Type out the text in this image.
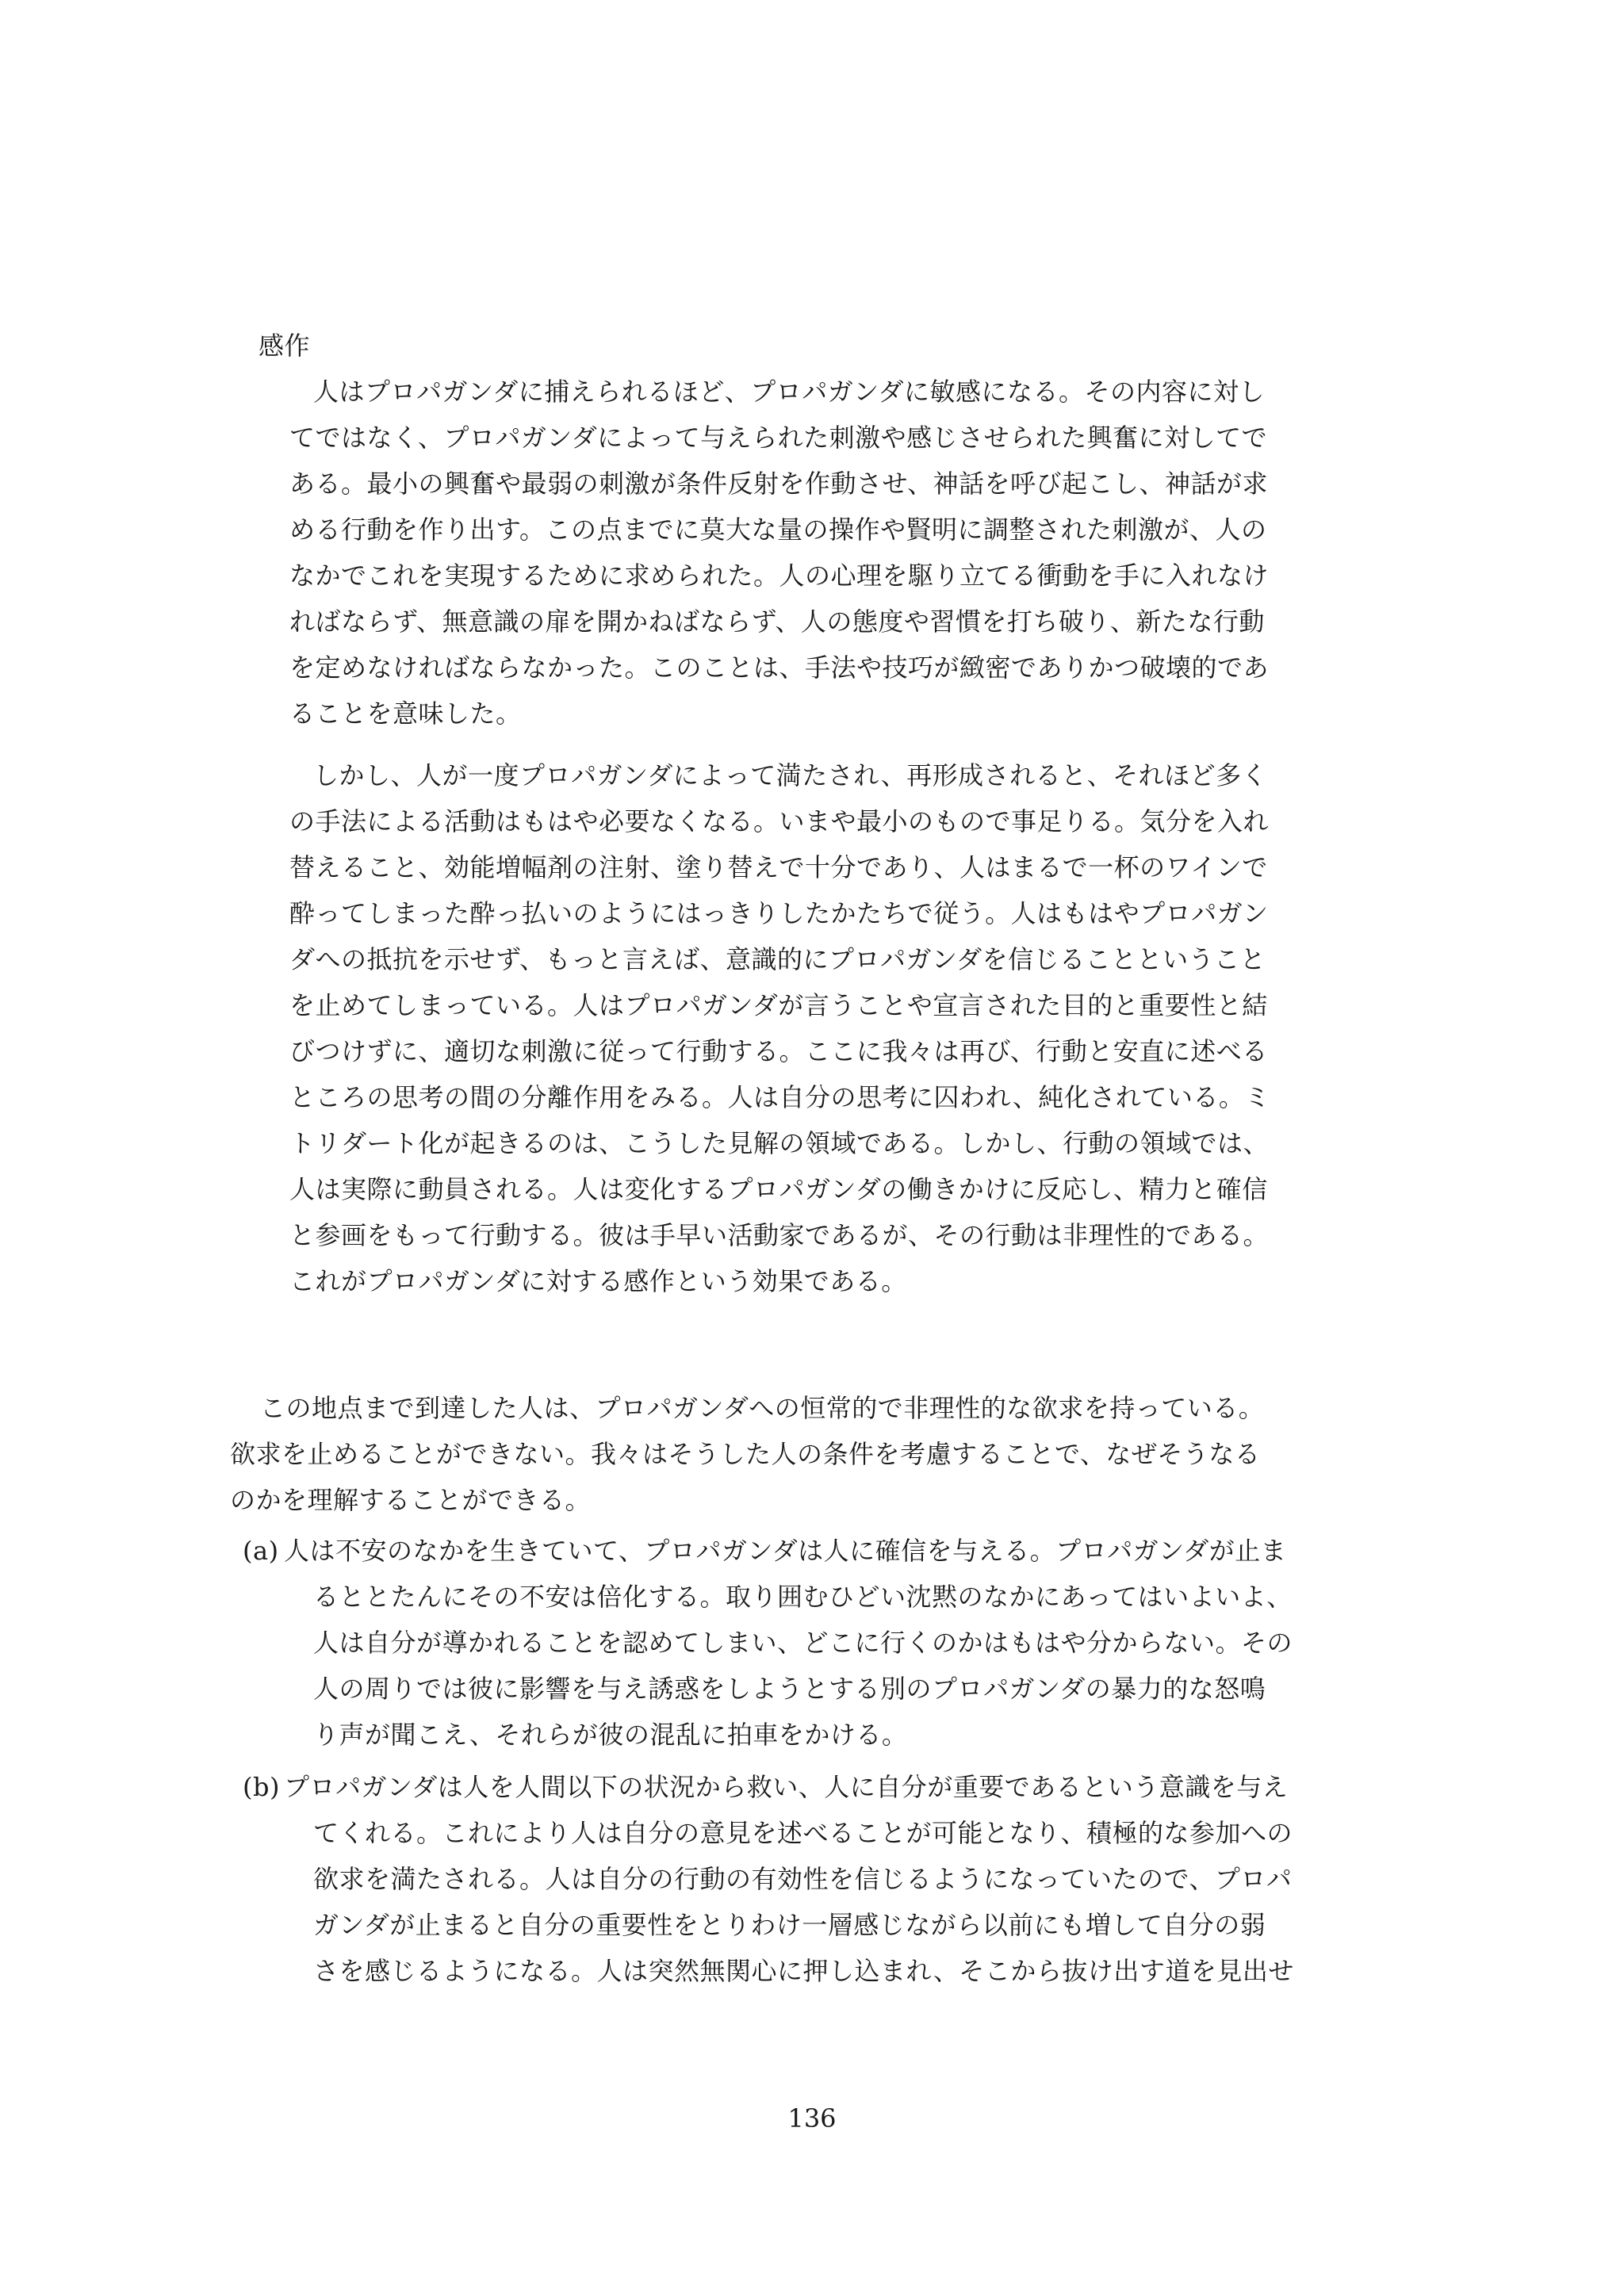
感作
人はプロパガンダに捕えられるほど、プロパガンダに敏感になる。その内容に対し
てではなく、プロパガンダによって与えられた刺激や感じさせられた興奮に対してで
ある。最小の興奮や最弱の刺激が条件反射を作動させ、神話を呼び起こし、神話が求
める行動を作り出す。この点までに莫大な量の操作や賢明に調整された刺激が、人の
なかでこれを実現するために求められた。人の心理を駆り立てる衝動を手に入れなけ
ればならず、無意識の扉を開かねばならず、人の態度や習慣を打ち破り、新たな行動
を定めなければならなかった。このことは、手法や技巧が緻密でありかつ破壊的であ
ることを意味した。
しかし、人が一度プロパガンダによって満たされ、再形成されると、それほど多く
の手法による活動はもはや必要なくなる。いまや最小のもので事足りる。気分を入れ
替えること、効能増幅剤の注射、塗り替えで十分であり、人はまるで一杯のワインで
酔ってしまった酔っ払いのようにはっきりしたかたちで従う。人はもはやプロパガン
ダへの抵抗を示せず、もっと言えば、意識的にプロパガンダを信じることということ
を止めてしまっている。人はプロパガンダが言うことや宣言された目的と重要性と結
びつけずに、適切な刺激に従って行動する。ここに我々は再び、行動と安直に述べる
ところの思考の間の分離作用をみる。人は自分の思考に囚われ、純化されている。ミ
トリダート化が起きるのは、こうした見解の領域である。しかし、行動の領域では、
人は実際に動員される。人は変化するプロパガンダの働きかけに反応し、精力と確信
と参画をもって行動する。彼は手早い活動家であるが、その行動は非理性的である。
これがプロパガンダに対する感作という効果である。
この地点まで到達した人は、プロパガンダへの恒常的で非理性的な欲求を持っている。
欲求を止めることができない。我々はそうした人の条件を考慮することで、なぜそうなる
のかを理解することができる。
(a) 人は不安のなかを生きていて、プロパガンダは人に確信を与える。プロパガンダが止ま
るととたんにその不安は倍化する。取り囲むひどい沈黙のなかにあってはいよいよ、
人は自分が導かれることを認めてしまい、どこに行くのかはもはや分からない。その
人の周りでは彼に影響を与え誘惑をしようとする別のプロパガンダの暴力的な怒鳴
り声が聞こえ、それらが彼の混乱に拍車をかける。
(b) プロパガンダは人を人間以下の状況から救い、人に自分が重要であるという意識を与え
てくれる。これにより人は自分の意見を述べることが可能となり、積極的な参加への
欲求を満たされる。人は自分の行動の有効性を信じるようになっていたので、プロパ
ガンダが止まると自分の重要性をとりわけ一層感じながら以前にも増して自分の弱
さを感じるようになる。人は突然無関心に押し込まれ、そこから抜け出す道を見出せ
136
